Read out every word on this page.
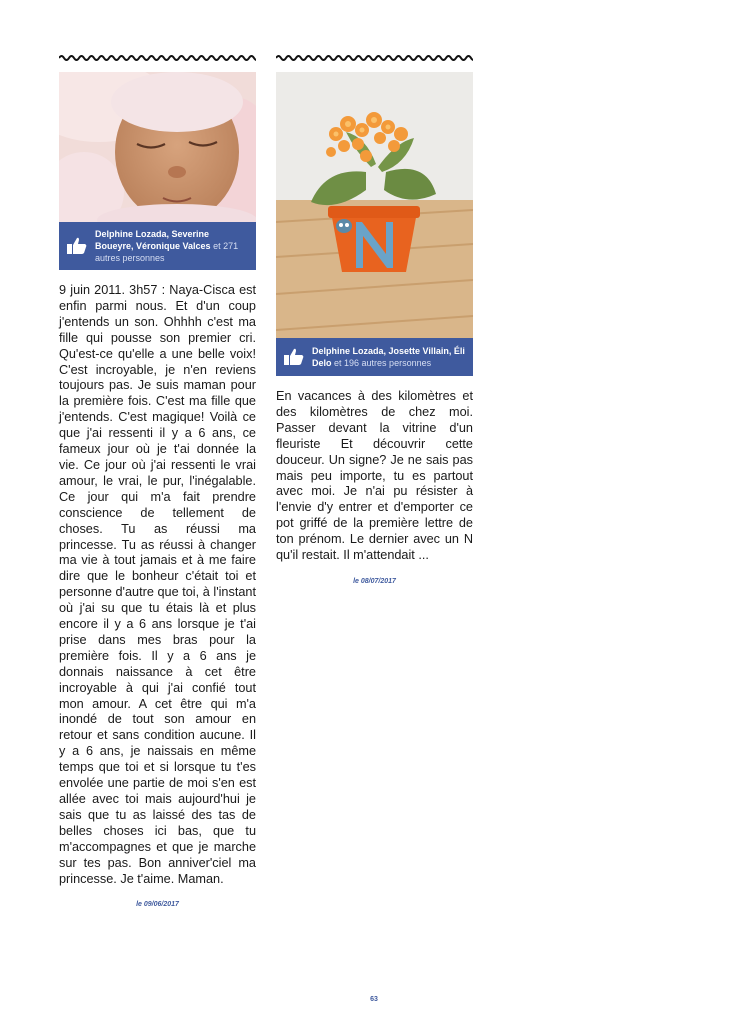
Delphine Lozada, Severine Boueyre, Véronique Valces et 271 autres personnes

9 juin 2011. 3h57 : Naya-Cisca est enfin parmi nous. Et d'un coup j'entends un son. Ohhhh c'est ma fille qui pousse son premier cri. Qu'est-ce qu'elle a une belle voix! C'est incroyable, je n'en reviens toujours pas. Je suis maman pour la première fois. C'est ma fille que j'entends. C'est magique! Voilà ce que j'ai ressenti il y a 6 ans, ce fameux jour où je t'ai donnée la vie. Ce jour où j'ai ressenti le vrai amour, le vrai, le pur, l'inégalable. Ce jour qui m'a fait prendre conscience de tellement de choses. Tu as réussi ma princesse. Tu as réussi à changer ma vie à tout jamais et à me faire dire que le bonheur c'était toi et personne d'autre que toi, à l'instant où j'ai su que tu étais là et plus encore il y a 6 ans lorsque je t'ai prise dans mes bras pour la première fois. Il y a 6 ans je donnais naissance à cet être incroyable à qui j'ai confié tout mon amour. A cet être qui m'a inondé de tout son amour en retour et sans condition aucune. Il y a 6 ans, je naissais en même temps que toi et si lorsque tu t'es envolée une partie de moi s'en est allée avec toi mais aujourd'hui je sais que tu as laissé des tas de belles choses ici bas, que tu m'accompagnes et que je marche sur tes pas. Bon anniver'ciel ma princesse. Je t'aime. Maman.

le 09/06/2017
Delphine Lozada, Josette Villain, Éli Delo et 196 autres personnes

En vacances à des kilomètres et des kilomètres de chez moi. Passer devant la vitrine d'un fleuriste Et découvrir cette douceur. Un signe? Je ne sais pas mais peu importe, tu es partout avec moi. Je n'ai pu résister à l'envie d'y entrer et d'emporter ce pot griffé de la première lettre de ton prénom. Le dernier avec un N qu'il restait. Il m'attendait ...

le 08/07/2017
63
